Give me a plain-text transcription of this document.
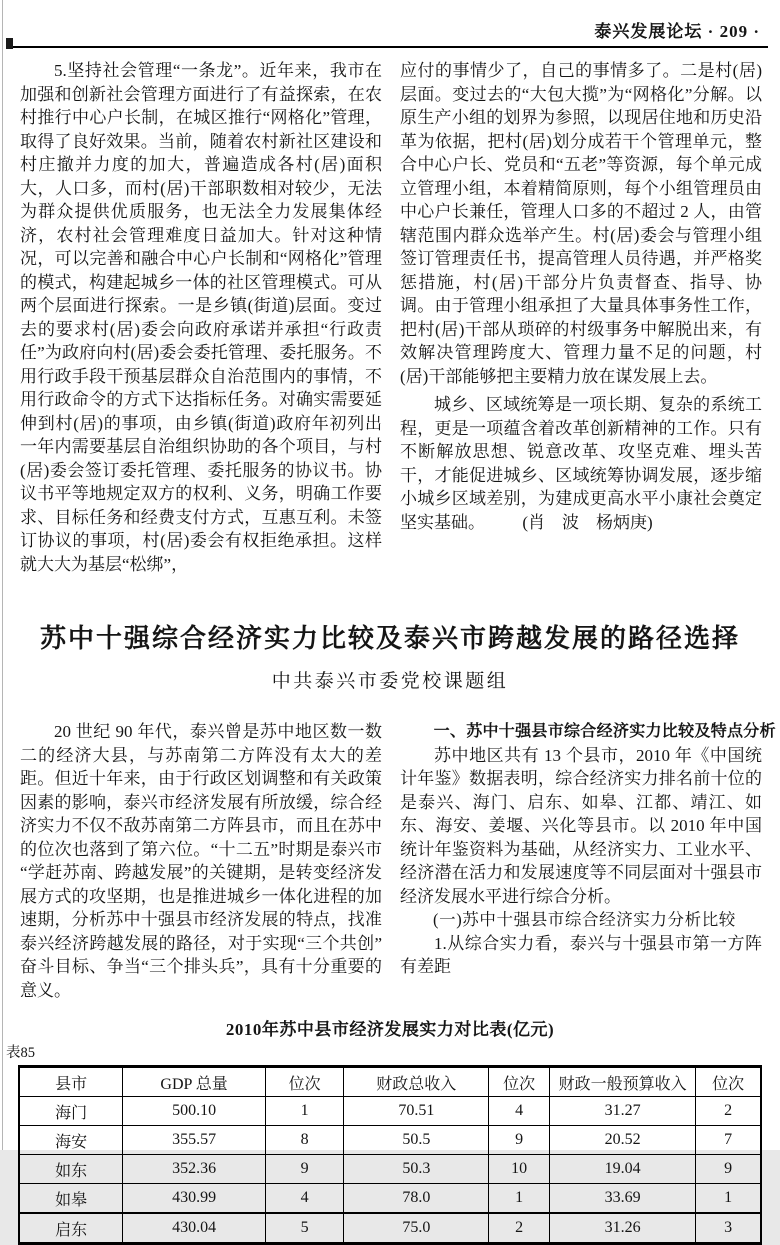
泰兴发展论坛 · 209 ·

5.坚持社会管理“一条龙”。近年来，我市在加强和创新社会管理方面进行了有益探索，在农村推行中心户长制，在城区推行“网格化”管理，取得了良好效果。当前，随着农村新社区建设和村庄撤并力度的加大，普遍造成各村(居)面积大，人口多，而村(居)干部职数相对较少，无法为群众提供优质服务，也无法全力发展集体经济，农村社会管理难度日益加大。针对这种情况，可以完善和融合中心户长制和“网格化”管理的模式，构建起城乡一体的社区管理模式。可从两个层面进行探索。一是乡镇(街道)层面。变过去的要求村(居)委会向政府承诺并承担“行政责任”为政府向村(居)委会委托管理、委托服务。不用行政手段干预基层群众自治范围内的事情，不用行政命令的方式下达指标任务。对确实需要延伸到村(居)的事项，由乡镇(街道)政府年初列出一年内需要基层自治组织协助的各个项目，与村(居)委会签订委托管理、委托服务的协议书。协议书平等地规定双方的权利、义务，明确工作要求、目标任务和经费支付方式，互惠互利。未签订协议的事项，村(居)委会有权拒绝承担。这样就大大为基层“松绑”，

应付的事情少了，自己的事情多了。二是村(居)层面。变过去的“大包大揽”为“网格化”分解。以原生产小组的划界为参照，以现居住地和历史沿革为依据，把村(居)划分成若干个管理单元，整合中心户长、党员和“五老”等资源，每个单元成立管理小组，本着精简原则，每个小组管理员由中心户长兼任，管理人口多的不超过 2 人，由管辖范围内群众选举产生。村(居)委会与管理小组签订管理责任书，提高管理人员待遇，并严格奖惩措施，村(居)干部分片负责督查、指导、协调。由于管理小组承担了大量具体事务性工作，把村(居)干部从琐碎的村级事务中解脱出来，有效解决管理跨度大、管理力量不足的问题，村(居)干部能够把主要精力放在谋发展上去。

城乡、区域统筹是一项长期、复杂的系统工程，更是一项蕴含着改革创新精神的工作。只有不断解放思想、锐意改革、攻坚克难、埋头苦干，才能促进城乡、区域统筹协调发展，逐步缩小城乡区域差别，为建成更高水平小康社会奠定坚实基础。 (肖　波　杨炳庚)

苏中十强综合经济实力比较及泰兴市跨越发展的路径选择
中共泰兴市委党校课题组

20 世纪 90 年代，泰兴曾是苏中地区数一数二的经济大县，与苏南第二方阵没有太大的差距。但近十年来，由于行政区划调整和有关政策因素的影响，泰兴市经济发展有所放缓，综合经济实力不仅不敌苏南第二方阵县市，而且在苏中的位次也落到了第六位。“十二五”时期是泰兴市“学赶苏南、跨越发展”的关键期，是转变经济发展方式的攻坚期，也是推进城乡一体化进程的加速期，分析苏中十强县市经济发展的特点，找准泰兴经济跨越发展的路径，对于实现“三个共创”奋斗目标、争当“三个排头兵”，具有十分重要的意义。

一、苏中十强县市综合经济实力比较及特点分析

苏中地区共有 13 个县市，2010 年《中国统计年鉴》数据表明，综合经济实力排名前十位的是泰兴、海门、启东、如皋、江都、靖江、如东、海安、姜堰、兴化等县市。以 2010 年中国统计年鉴资料为基础，从经济实力、工业水平、经济潜在活力和发展速度等不同层面对十强县市经济发展水平进行综合分析。

(一)苏中十强县市综合经济实力分析比较

1.从综合实力看，泰兴与十强县市第一方阵有差距

2010年苏中县市经济发展实力对比表(亿元)
表85
县市	GDP 总量	位次	财政总收入	位次	财政一般预算收入	位次
海门	500.10	1	70.51	4	31.27	2
海安	355.57	8	50.5	9	20.52	7
如东	352.36	9	50.3	10	19.04	9
如皋	430.99	4	78.0	1	33.69	1
启东	430.04	5	75.0	2	31.26	3
